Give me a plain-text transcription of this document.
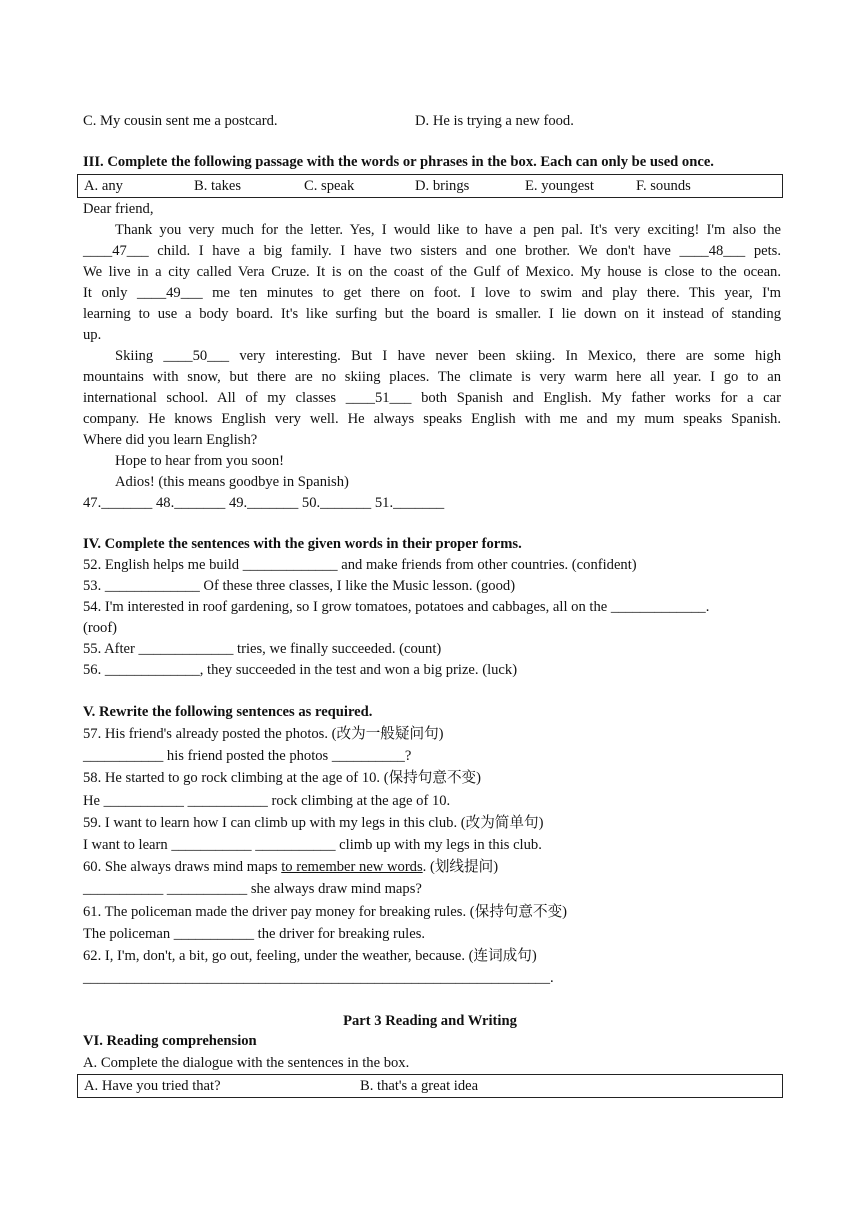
C. My cousin sent me a postcard.	D. He is trying a new food.
III. Complete the following passage with the words or phrases in the box. Each can only be used once.
A. any	B. takes	C. speak	D. brings	E. youngest	F. sounds
Dear friend,
Thank you very much for the letter. Yes, I would like to have a pen pal. It's very exciting! I'm also the
____47___ child. I have a big family. I have two sisters and one brother. We don't have ____48___ pets.
We live in a city called Vera Cruze. It is on the coast of the Gulf of Mexico. My house is close to the ocean.
It only ____49___ me ten minutes to get there on foot. I love to swim and play there. This year, I'm
learning to use a body board. It's like surfing but the board is smaller. I lie down on it instead of standing
up.
Skiing ____50___ very interesting. But I have never been skiing. In Mexico, there are some high
mountains with snow, but there are no skiing places. The climate is very warm here all year. I go to an
international school. All of my classes ____51___ both Spanish and English. My father works for a car
company. He knows English very well. He always speaks English with me and my mum speaks Spanish.
Where did you learn English?
Hope to hear from you soon!
Adios! (this means goodbye in Spanish)
47._______ 48._______ 49._______ 50._______ 51._______
IV. Complete the sentences with the given words in their proper forms.
52. English helps me build _____________ and make friends from other countries. (confident)
53. _____________ Of these three classes, I like the Music lesson. (good)
54. I'm interested in roof gardening, so I grow tomatoes, potatoes and cabbages, all on the _____________.
(roof)
55. After _____________ tries, we finally succeeded. (count)
56. _____________, they succeeded in the test and won a big prize. (luck)
V. Rewrite the following sentences as required.
57. His friend's already posted the photos. (改为一般疑问句)
___________ his friend posted the photos __________?
58. He started to go rock climbing at the age of 10. (保持句意不变)
He ___________ ___________ rock climbing at the age of 10.
59. I want to learn how I can climb up with my legs in this club. (改为简单句)
I want to learn ___________ ___________ climb up with my legs in this club.
60. She always draws mind maps to remember new words. (划线提问)
___________ ___________ she always draw mind maps?
61. The policeman made the driver pay money for breaking rules. (保持句意不变)
The policeman ___________ the driver for breaking rules.
62. I, I'm, don't, a bit, go out, feeling, under the weather, because. (连词成句)
________________________________________________________________.
Part 3 Reading and Writing
VI. Reading comprehension
A. Complete the dialogue with the sentences in the box.
A. Have you tried that?	B. that's a great idea
